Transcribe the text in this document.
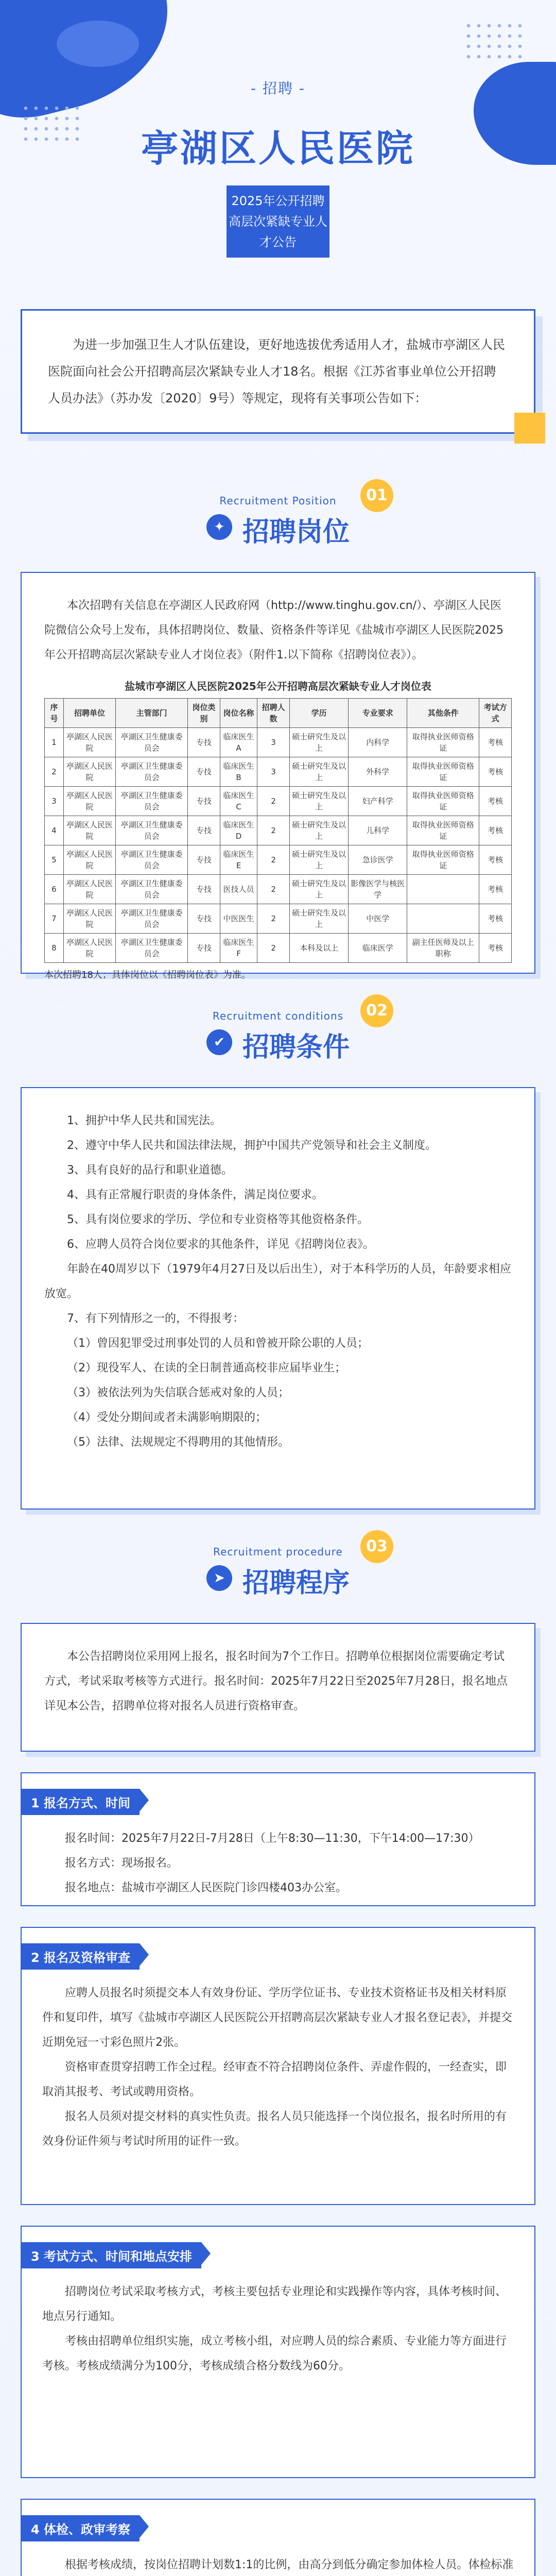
- 招聘 -
亭湖区人民医院
2025年公开招聘
高层次紧缺专业人才公告
为进一步加强卫生人才队伍建设，更好地选拔优秀适用人才，盐城市亭湖区人民医院面向社会公开招聘高层次紧缺专业人才18名。根据《江苏省事业单位公开招聘人员办法》（苏办发〔2020〕9号）等规定，现将有关事项公告如下：
Recruitment Position
✦ 招聘岗位
01

本次招聘有关信息在亭湖区人民政府网（http://www.tinghu.gov.cn/）、亭湖区人民医院微信公众号上发布，具体招聘岗位、数量、资格条件等详见《盐城市亭湖区人民医院2025年公开招聘高层次紧缺专业人才岗位表》（附件1.以下简称《招聘岗位表》）。

盐城市亭湖区人民医院2025年公开招聘高层次紧缺专业人才岗位表
序号	招聘单位	主管部门	岗位类别	岗位名称	招聘人数	学历	专业要求	其他条件	考试方式
1	亭湖区人民医院	亭湖区卫生健康委员会	专技	临床医生A	3	硕士研究生及以上	内科学	取得执业医师资格证	考核
2	亭湖区人民医院	亭湖区卫生健康委员会	专技	临床医生B	3	硕士研究生及以上	外科学	取得执业医师资格证	考核
3	亭湖区人民医院	亭湖区卫生健康委员会	专技	临床医生C	2	硕士研究生及以上	妇产科学	取得执业医师资格证	考核
4	亭湖区人民医院	亭湖区卫生健康委员会	专技	临床医生D	2	硕士研究生及以上	儿科学	取得执业医师资格证	考核
5	亭湖区人民医院	亭湖区卫生健康委员会	专技	临床医生E	2	硕士研究生及以上	急诊医学	取得执业医师资格证	考核
6	亭湖区人民医院	亭湖区卫生健康委员会	专技	医技人员	2	硕士研究生及以上	影像医学与核医学		考核
7	亭湖区人民医院	亭湖区卫生健康委员会	专技	中医医生	2	硕士研究生及以上	中医学		考核
8	亭湖区人民医院	亭湖区卫生健康委员会	专技	临床医生F	2	本科及以上	临床医学	副主任医师及以上职称	考核

本次招聘18人；具体岗位以《招聘岗位表》为准。

Recruitment conditions
✔ 招聘条件
02

1、拥护中华人民共和国宪法。

2、遵守中华人民共和国法律法规，拥护中国共产党领导和社会主义制度。

3、具有良好的品行和职业道德。

4、具有正常履行职责的身体条件，满足岗位要求。

5、具有岗位要求的学历、学位和专业资格等其他资格条件。

6、应聘人员符合岗位要求的其他条件，详见《招聘岗位表》。

年龄在40周岁以下（1979年4月27日及以后出生），对于本科学历的人员，年龄要求相应放宽。

7、有下列情形之一的，不得报考：

（1）曾因犯罪受过刑事处罚的人员和曾被开除公职的人员；

（2）现役军人、在读的全日制普通高校非应届毕业生；

（3）被依法列为失信联合惩戒对象的人员；

（4）受处分期间或者未满影响期限的；

（5）法律、法规规定不得聘用的其他情形。

Recruitment procedure
➤ 招聘程序
03

本公告招聘岗位采用网上报名，报名时间为7个工作日。招聘单位根据岗位需要确定考试方式，考试采取考核等方式进行。报名时间：2025年7月22日至2025年7月28日，报名地点详见本公告，招聘单位将对报名人员进行资格审查。

1 报名方式、时间

报名时间：2025年7月22日-7月28日（上午8:30—11:30，下午14:00—17:30）

报名方式：现场报名。

报名地点：盐城市亭湖区人民医院门诊四楼403办公室。

2 报名及资格审查

应聘人员报名时须提交本人有效身份证、学历学位证书、专业技术资格证书及相关材料原件和复印件，填写《盐城市亭湖区人民医院公开招聘高层次紧缺专业人才报名登记表》，并提交近期免冠一寸彩色照片2张。

资格审查贯穿招聘工作全过程。经审查不符合招聘岗位条件、弄虚作假的，一经查实，即取消其报考、考试或聘用资格。

报名人员须对提交材料的真实性负责。报名人员只能选择一个岗位报名，报名时所用的有效身份证件须与考试时所用的证件一致。

3 考试方式、时间和地点安排

招聘岗位考试采取考核方式，考核主要包括专业理论和实践操作等内容，具体考核时间、地点另行通知。

考核由招聘单位组织实施，成立考核小组，对应聘人员的综合素质、专业能力等方面进行考核。考核成绩满分为100分，考核成绩合格分数线为60分。

4 体检、政审考察

根据考核成绩，按岗位招聘计划数1:1的比例，由高分到低分确定参加体检人员。体检标准
